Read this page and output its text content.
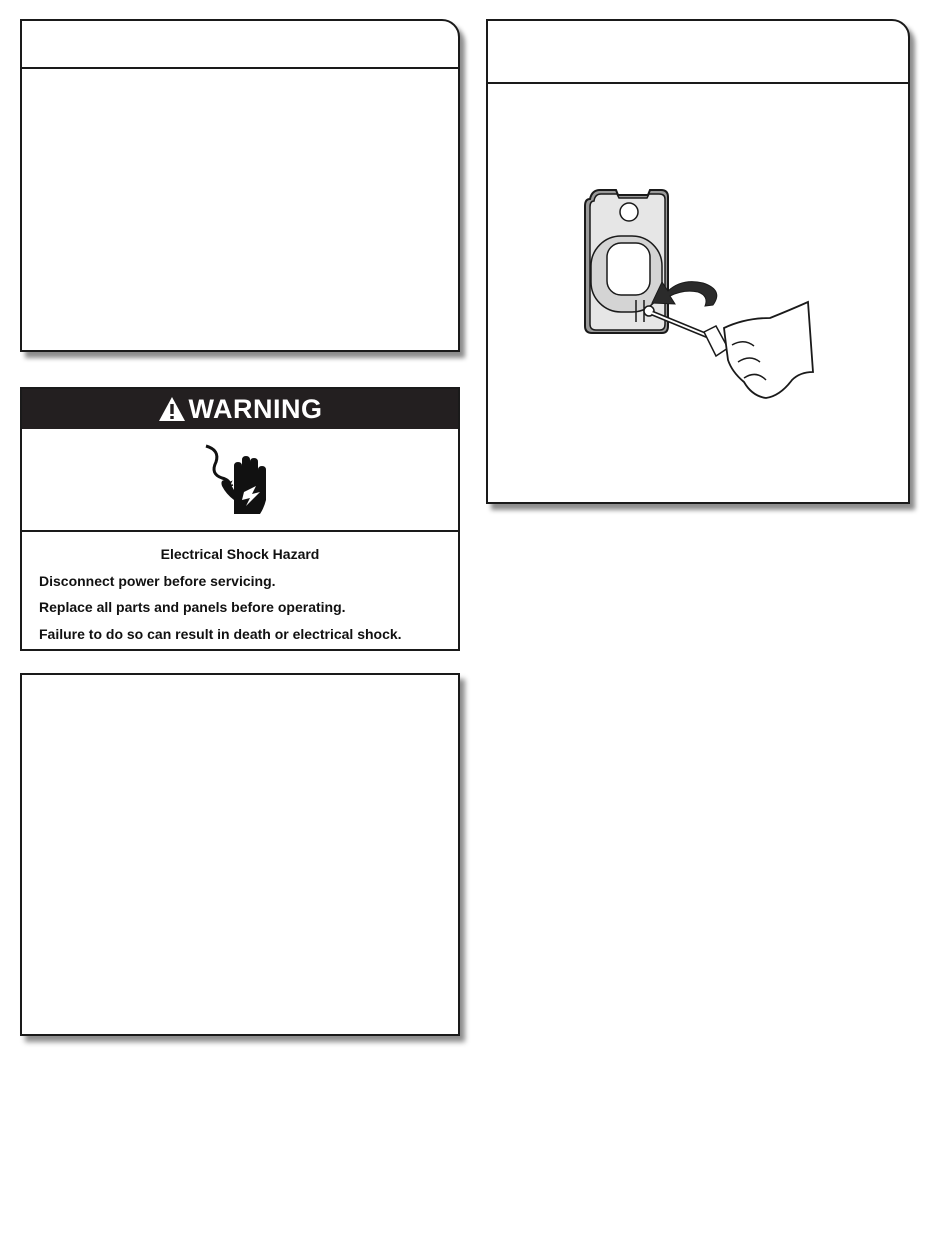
WARNING
Electrical Shock Hazard
Disconnect power before servicing.
Replace all parts and panels before operating.
Failure to do so can result in death or electrical shock.
